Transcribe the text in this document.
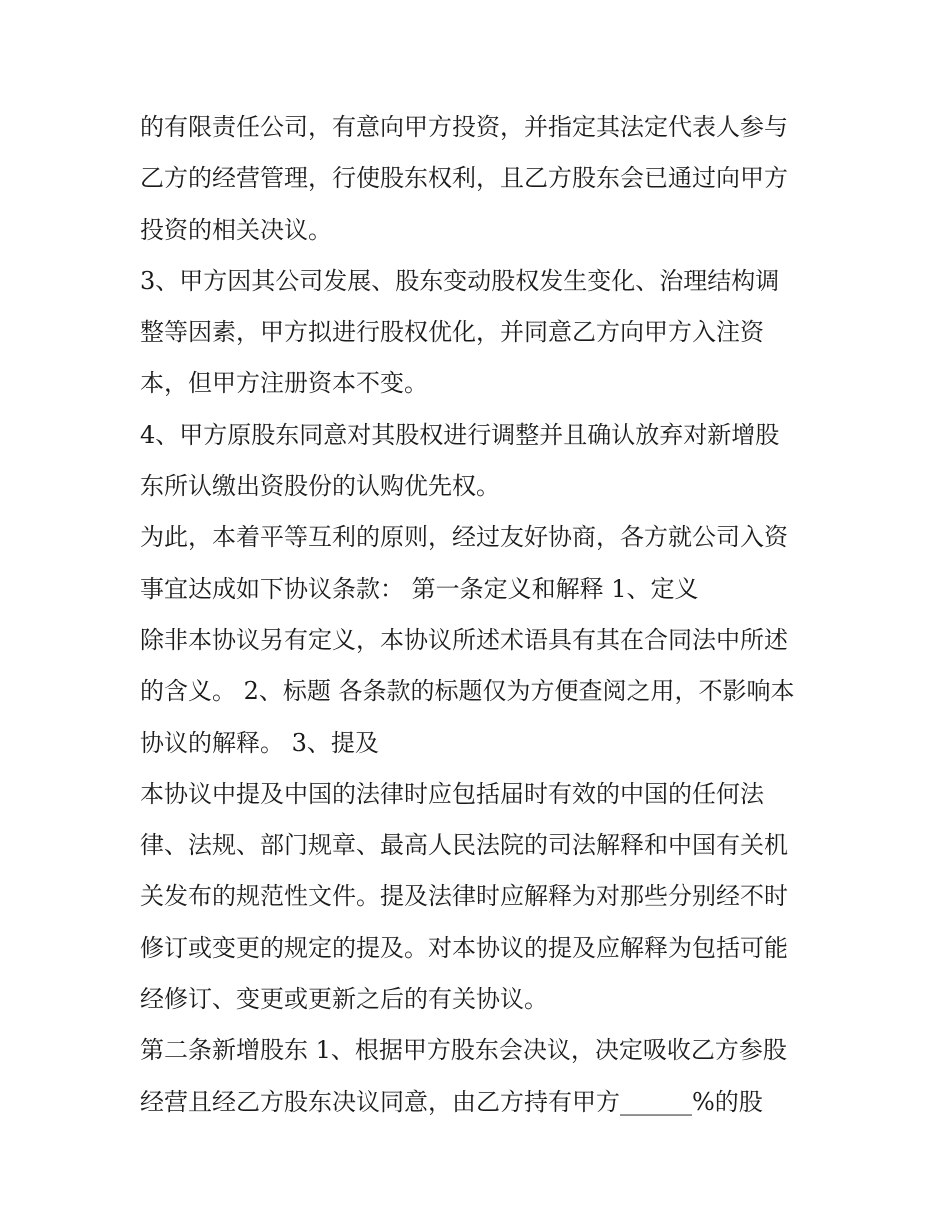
的有限责任公司，有意向甲方投资，并指定其法定代表人参与
乙方的经营管理，行使股东权利，且乙方股东会已通过向甲方
投资的相关决议。
3、甲方因其公司发展、股东变动股权发生变化、治理结构调
整等因素，甲方拟进行股权优化，并同意乙方向甲方入注资
本，但甲方注册资本不变。
4、甲方原股东同意对其股权进行调整并且确认放弃对新增股
东所认缴出资股份的认购优先权。
为此，本着平等互利的原则，经过友好协商，各方就公司入资
事宜达成如下协议条款： 第一条定义和解释 1、定义
除非本协议另有定义，本协议所述术语具有其在合同法中所述
的含义。 2、标题 各条款的标题仅为方便查阅之用，不影响本
协议的解释。 3、提及
本协议中提及中国的法律时应包括届时有效的中国的任何法
律、法规、部门规章、最高人民法院的司法解释和中国有关机
关发布的规范性文件。提及法律时应解释为对那些分别经不时
修订或变更的规定的提及。对本协议的提及应解释为包括可能
经修订、变更或更新之后的有关协议。
第二条新增股东 1、根据甲方股东会决议，决定吸收乙方参股
经营且经乙方股东决议同意，由乙方持有甲方______%的股
